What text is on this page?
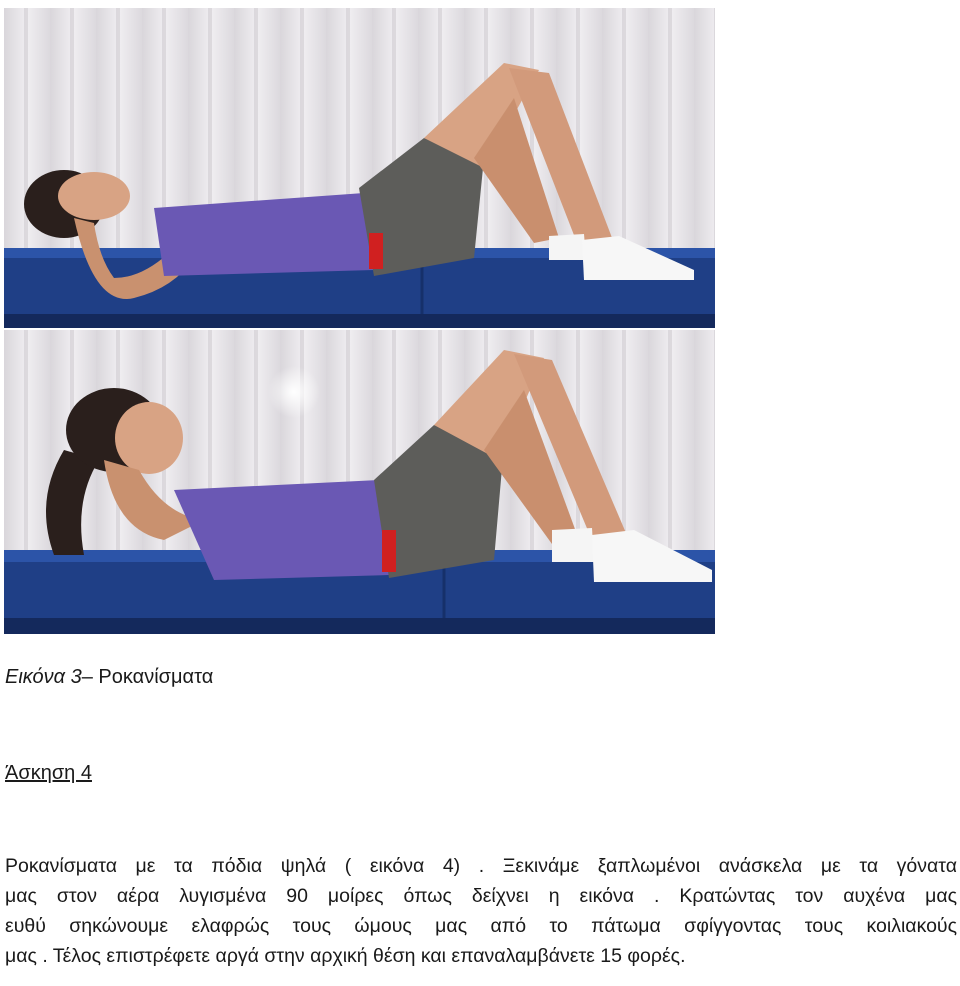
Εικόνα 3– Ροκανίσματα
Άσκηση 4
Ροκανίσματα με τα πόδια ψηλά ( εικόνα 4) . Ξεκινάμε ξαπλωμένοι ανάσκελα με τα γόνατα
μας στον αέρα λυγισμένα 90 μοίρες όπως δείχνει η εικόνα . Κρατώντας τον αυχένα μας
ευθύ σηκώνουμε ελαφρώς τους ώμους μας από το πάτωμα σφίγγοντας τους κοιλιακούς
μας . Τέλος επιστρέφετε αργά στην αρχική θέση και επαναλαμβάνετε 15 φορές.
